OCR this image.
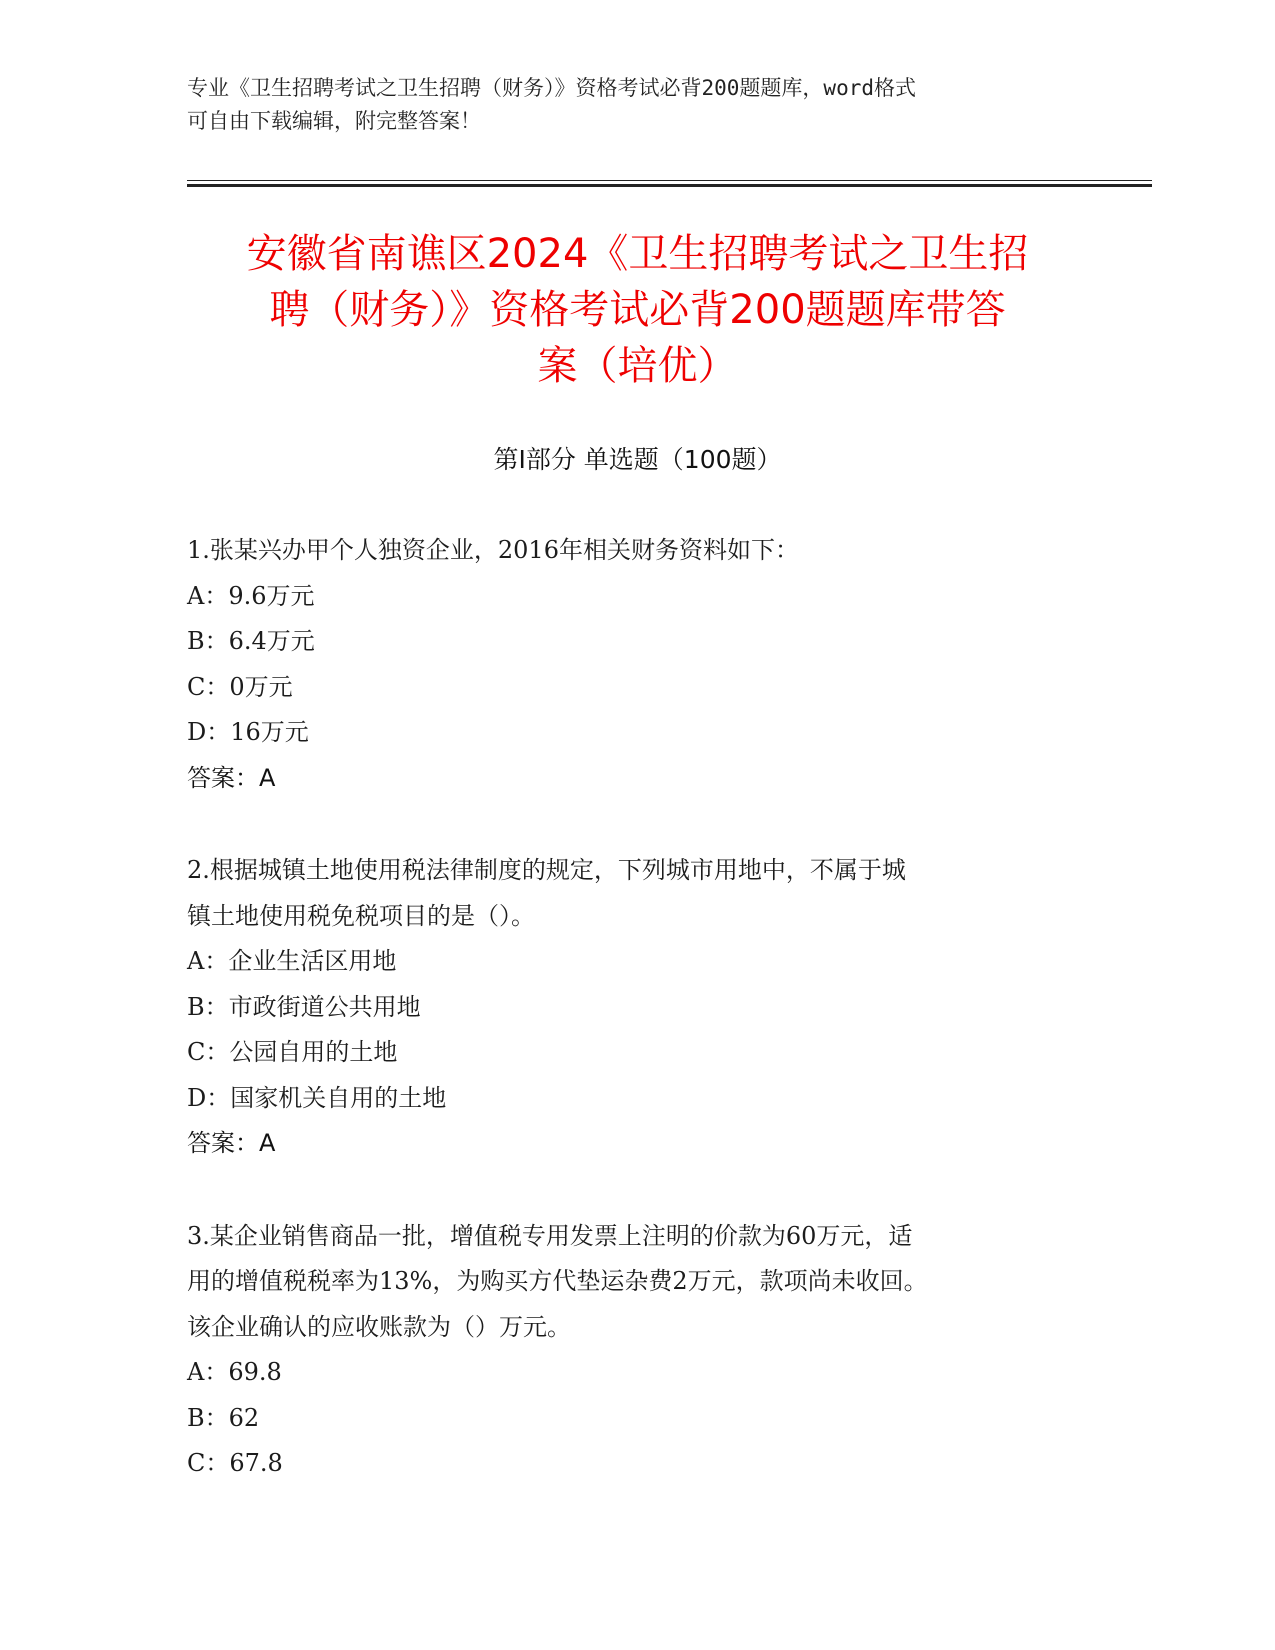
专业《卫生招聘考试之卫生招聘（财务）》资格考试必背200题题库，word格式
可自由下载编辑，附完整答案！
安徽省南谯区2024《卫生招聘考试之卫生招
聘（财务）》资格考试必背200题题库带答
案（培优）
第Ⅰ部分 单选题（100题）
1.张某兴办甲个人独资企业，2016年相关财务资料如下：
A：9.6万元
B：6.4万元
C：0万元
D：16万元
答案：A
2.根据城镇土地使用税法律制度的规定，下列城市用地中，不属于城
镇土地使用税免税项目的是（）。
A：企业生活区用地
B：市政街道公共用地
C：公园自用的土地
D：国家机关自用的土地
答案：A
3.某企业销售商品一批，增值税专用发票上注明的价款为60万元，适
用的增值税税率为13%，为购买方代垫运杂费2万元，款项尚未收回。
该企业确认的应收账款为（）万元。
A：69.8
B：62
C：67.8
